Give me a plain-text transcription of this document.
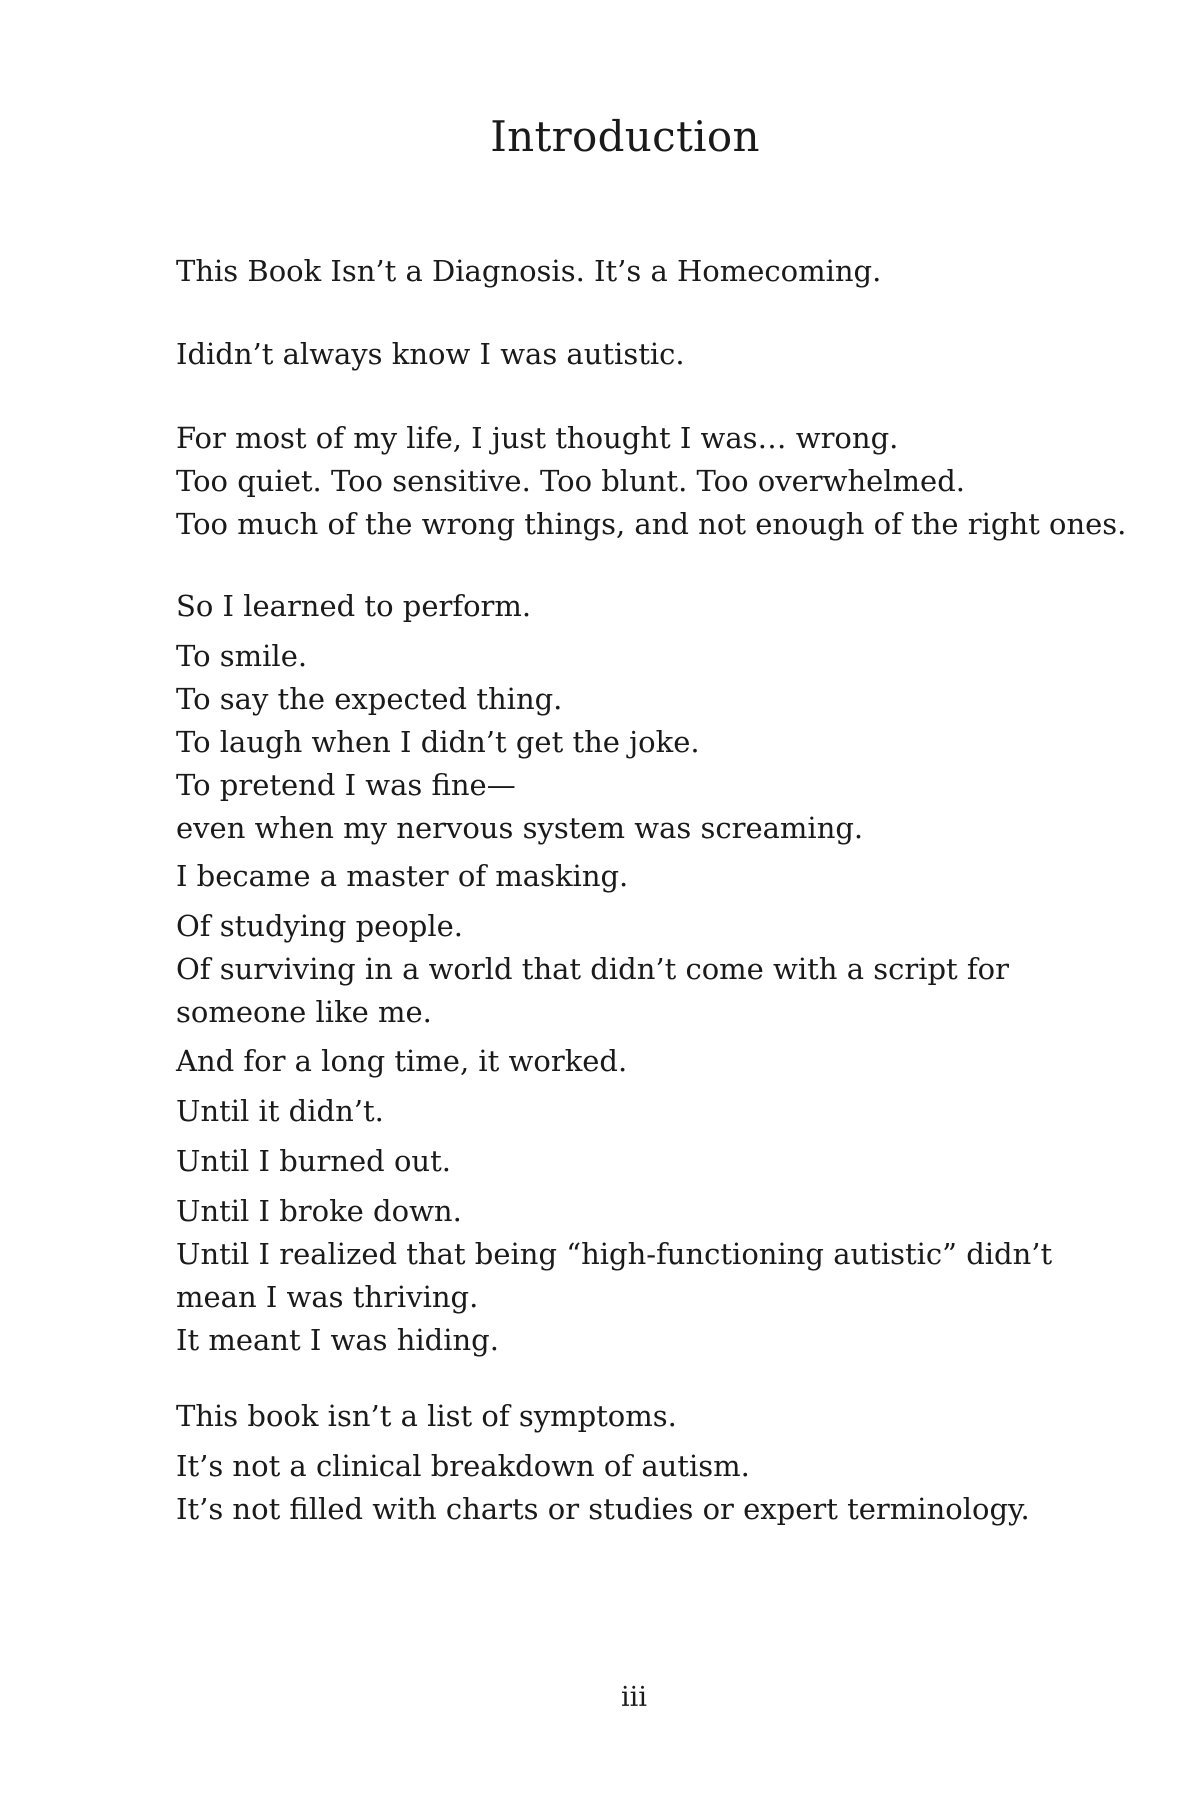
Introduction
This Book Isn’t a Diagnosis. It’s a Homecoming.
Ididn’t always know I was autistic.
For most of my life, I just thought I was… wrong.
Too quiet. Too sensitive. Too blunt. Too overwhelmed.
Too much of the wrong things, and not enough of the right ones.
So I learned to perform.
To smile.
To say the expected thing.
To laugh when I didn’t get the joke.
To pretend I was fine—
even when my nervous system was screaming.
I became a master of masking.
Of studying people.
Of surviving in a world that didn’t come with a script for someone like me.
And for a long time, it worked.
Until it didn’t.
Until I burned out.
Until I broke down.
Until I realized that being “high-functioning autistic” didn’t mean I was thriving.
It meant I was hiding.
This book isn’t a list of symptoms.
It’s not a clinical breakdown of autism.
It’s not filled with charts or studies or expert terminology.
iii
